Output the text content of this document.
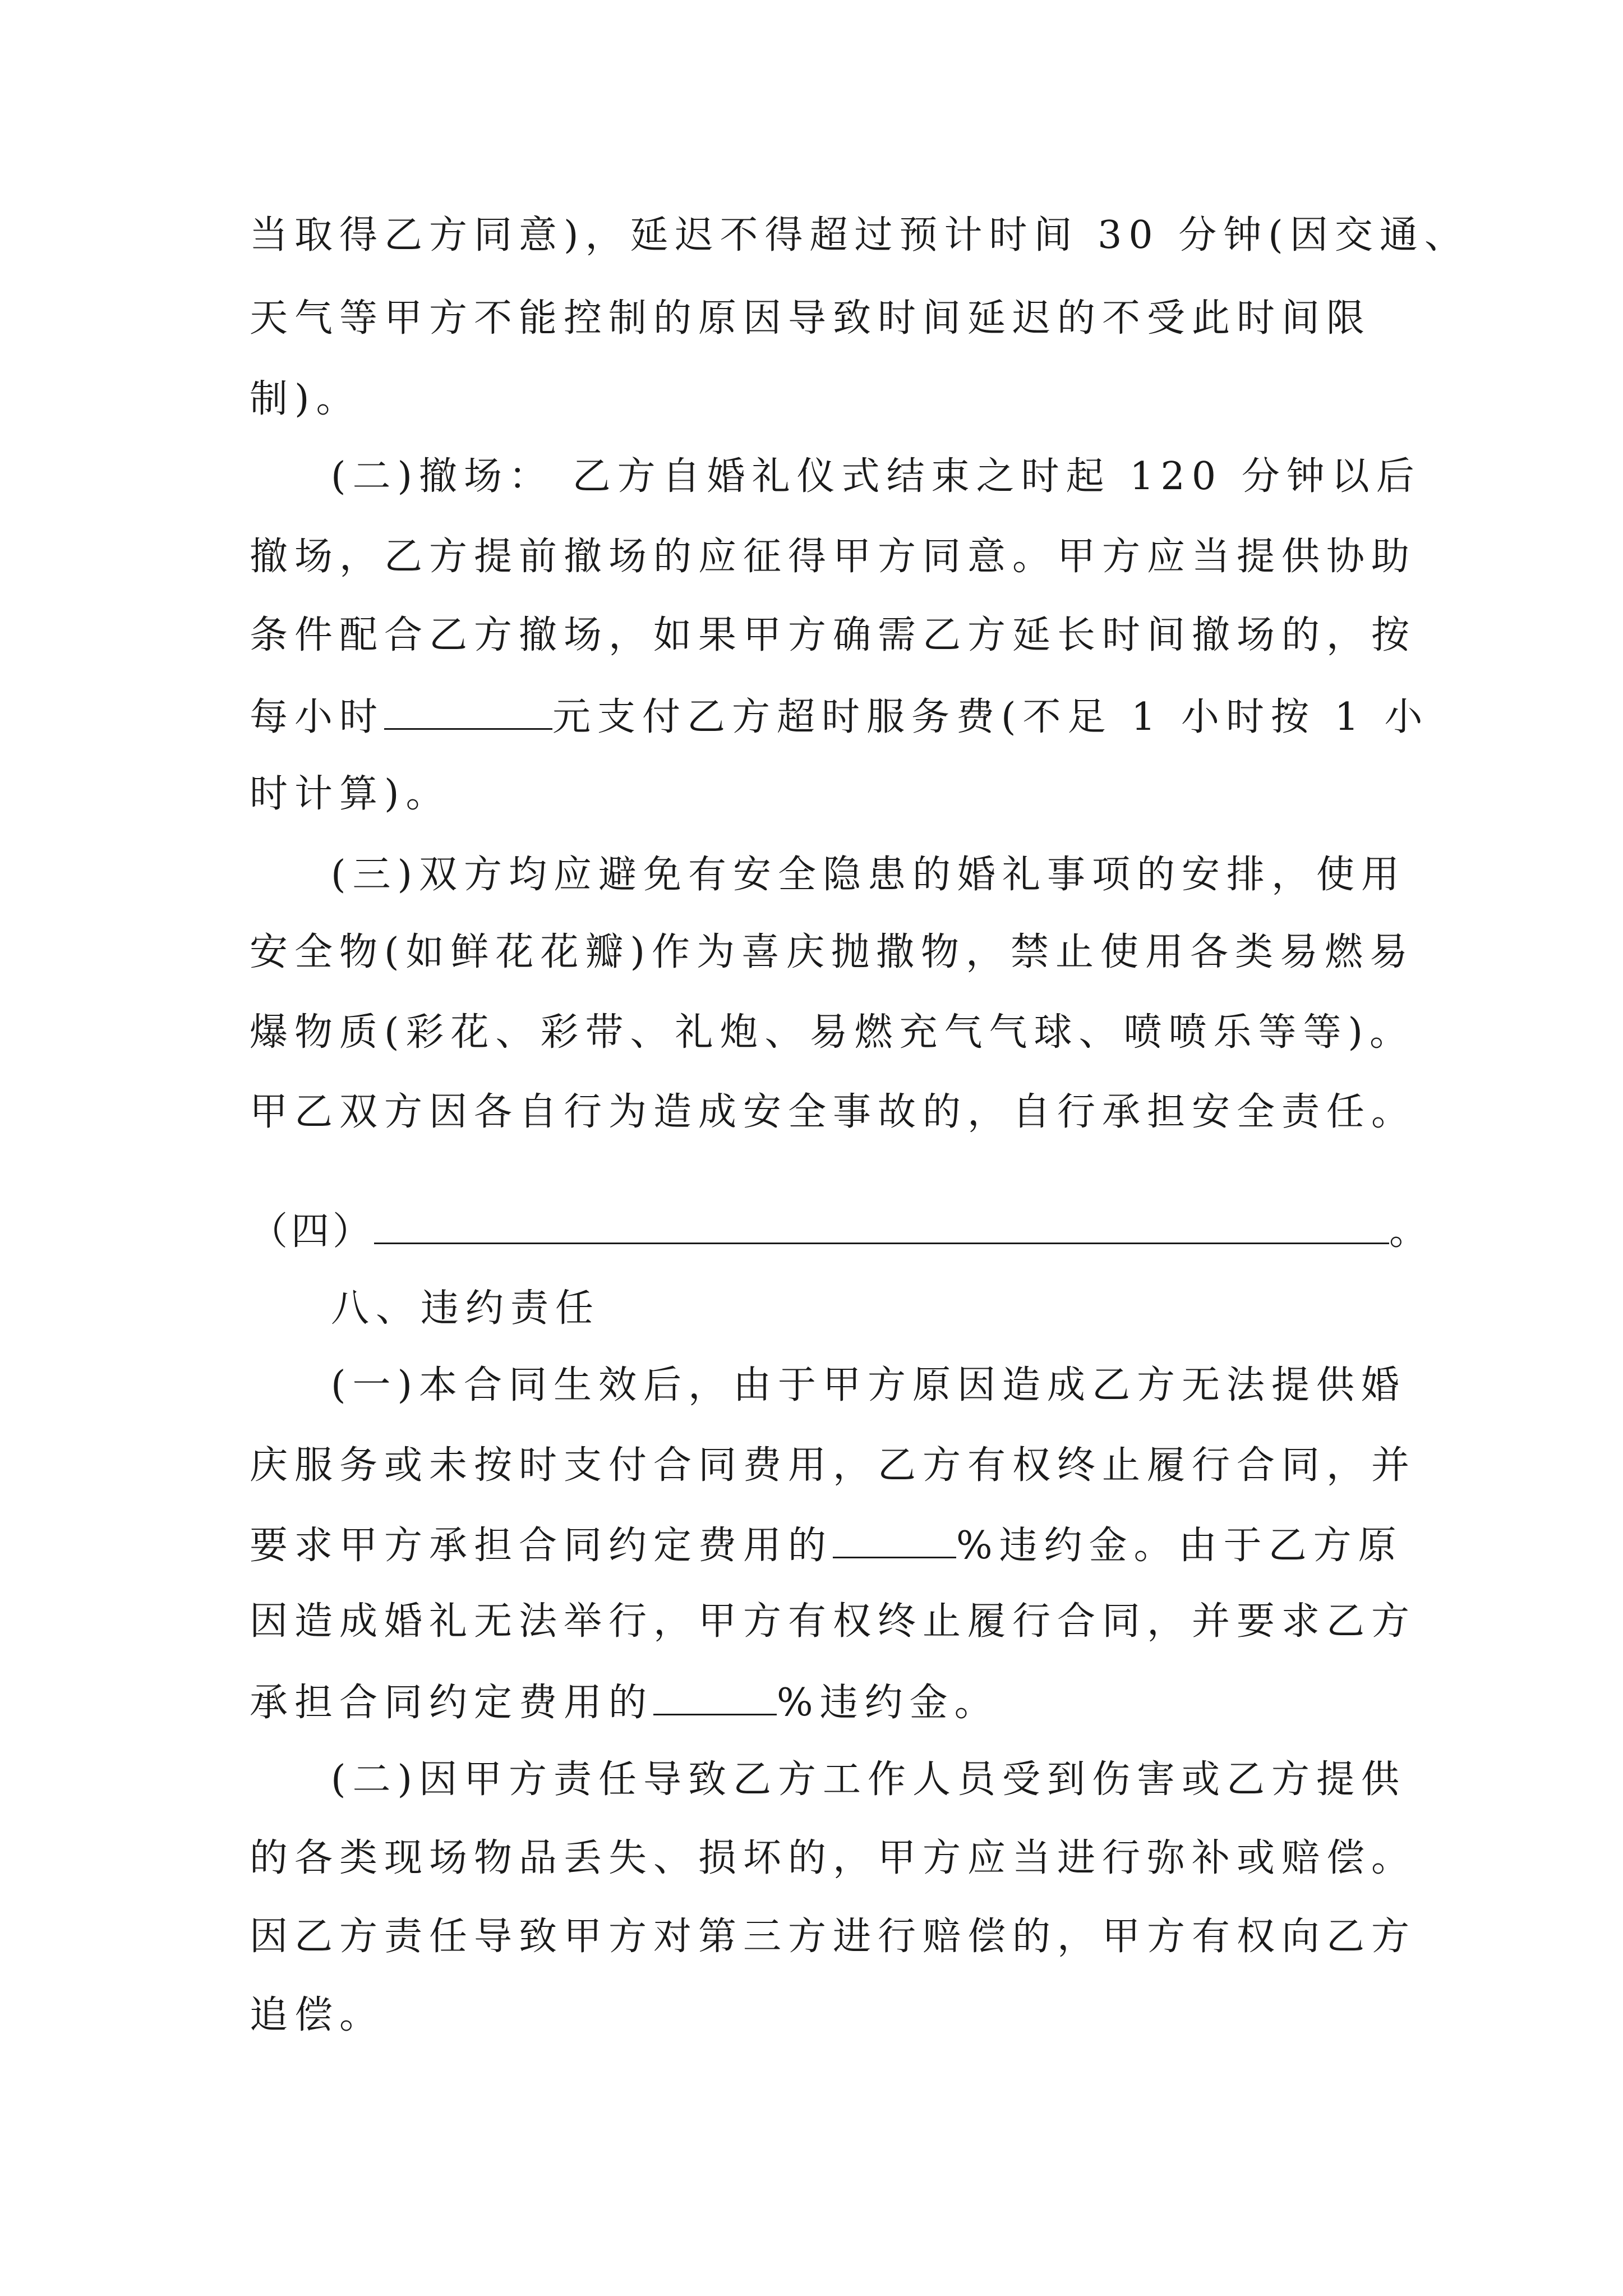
当取得乙方同意)，延迟不得超过预计时间 30 分钟(因交通、
天气等甲方不能控制的原因导致时间延迟的不受此时间限
制)。
(二)撤场： 乙方自婚礼仪式结束之时起 120 分钟以后
撤场，乙方提前撤场的应征得甲方同意。甲方应当提供协助
条件配合乙方撤场，如果甲方确需乙方延长时间撤场的，按
每小时	元支付乙方超时服务费(不足 1 小时按 1 小
时计算)。
(三)双方均应避免有安全隐患的婚礼事项的安排，使用
安全物(如鲜花花瓣)作为喜庆抛撒物，禁止使用各类易燃易
爆物质(彩花、彩带、礼炮、易燃充气气球、喷喷乐等等)。
甲乙双方因各自行为造成安全事故的，自行承担安全责任。
（四）	。
八、违约责任
(一)本合同生效后，由于甲方原因造成乙方无法提供婚
庆服务或未按时支付合同费用，乙方有权终止履行合同，并
要求甲方承担合同约定费用的	%违约金。由于乙方原
因造成婚礼无法举行，甲方有权终止履行合同，并要求乙方
承担合同约定费用的	%违约金。
(二)因甲方责任导致乙方工作人员受到伤害或乙方提供
的各类现场物品丢失、损坏的，甲方应当进行弥补或赔偿。
因乙方责任导致甲方对第三方进行赔偿的，甲方有权向乙方
追偿。
